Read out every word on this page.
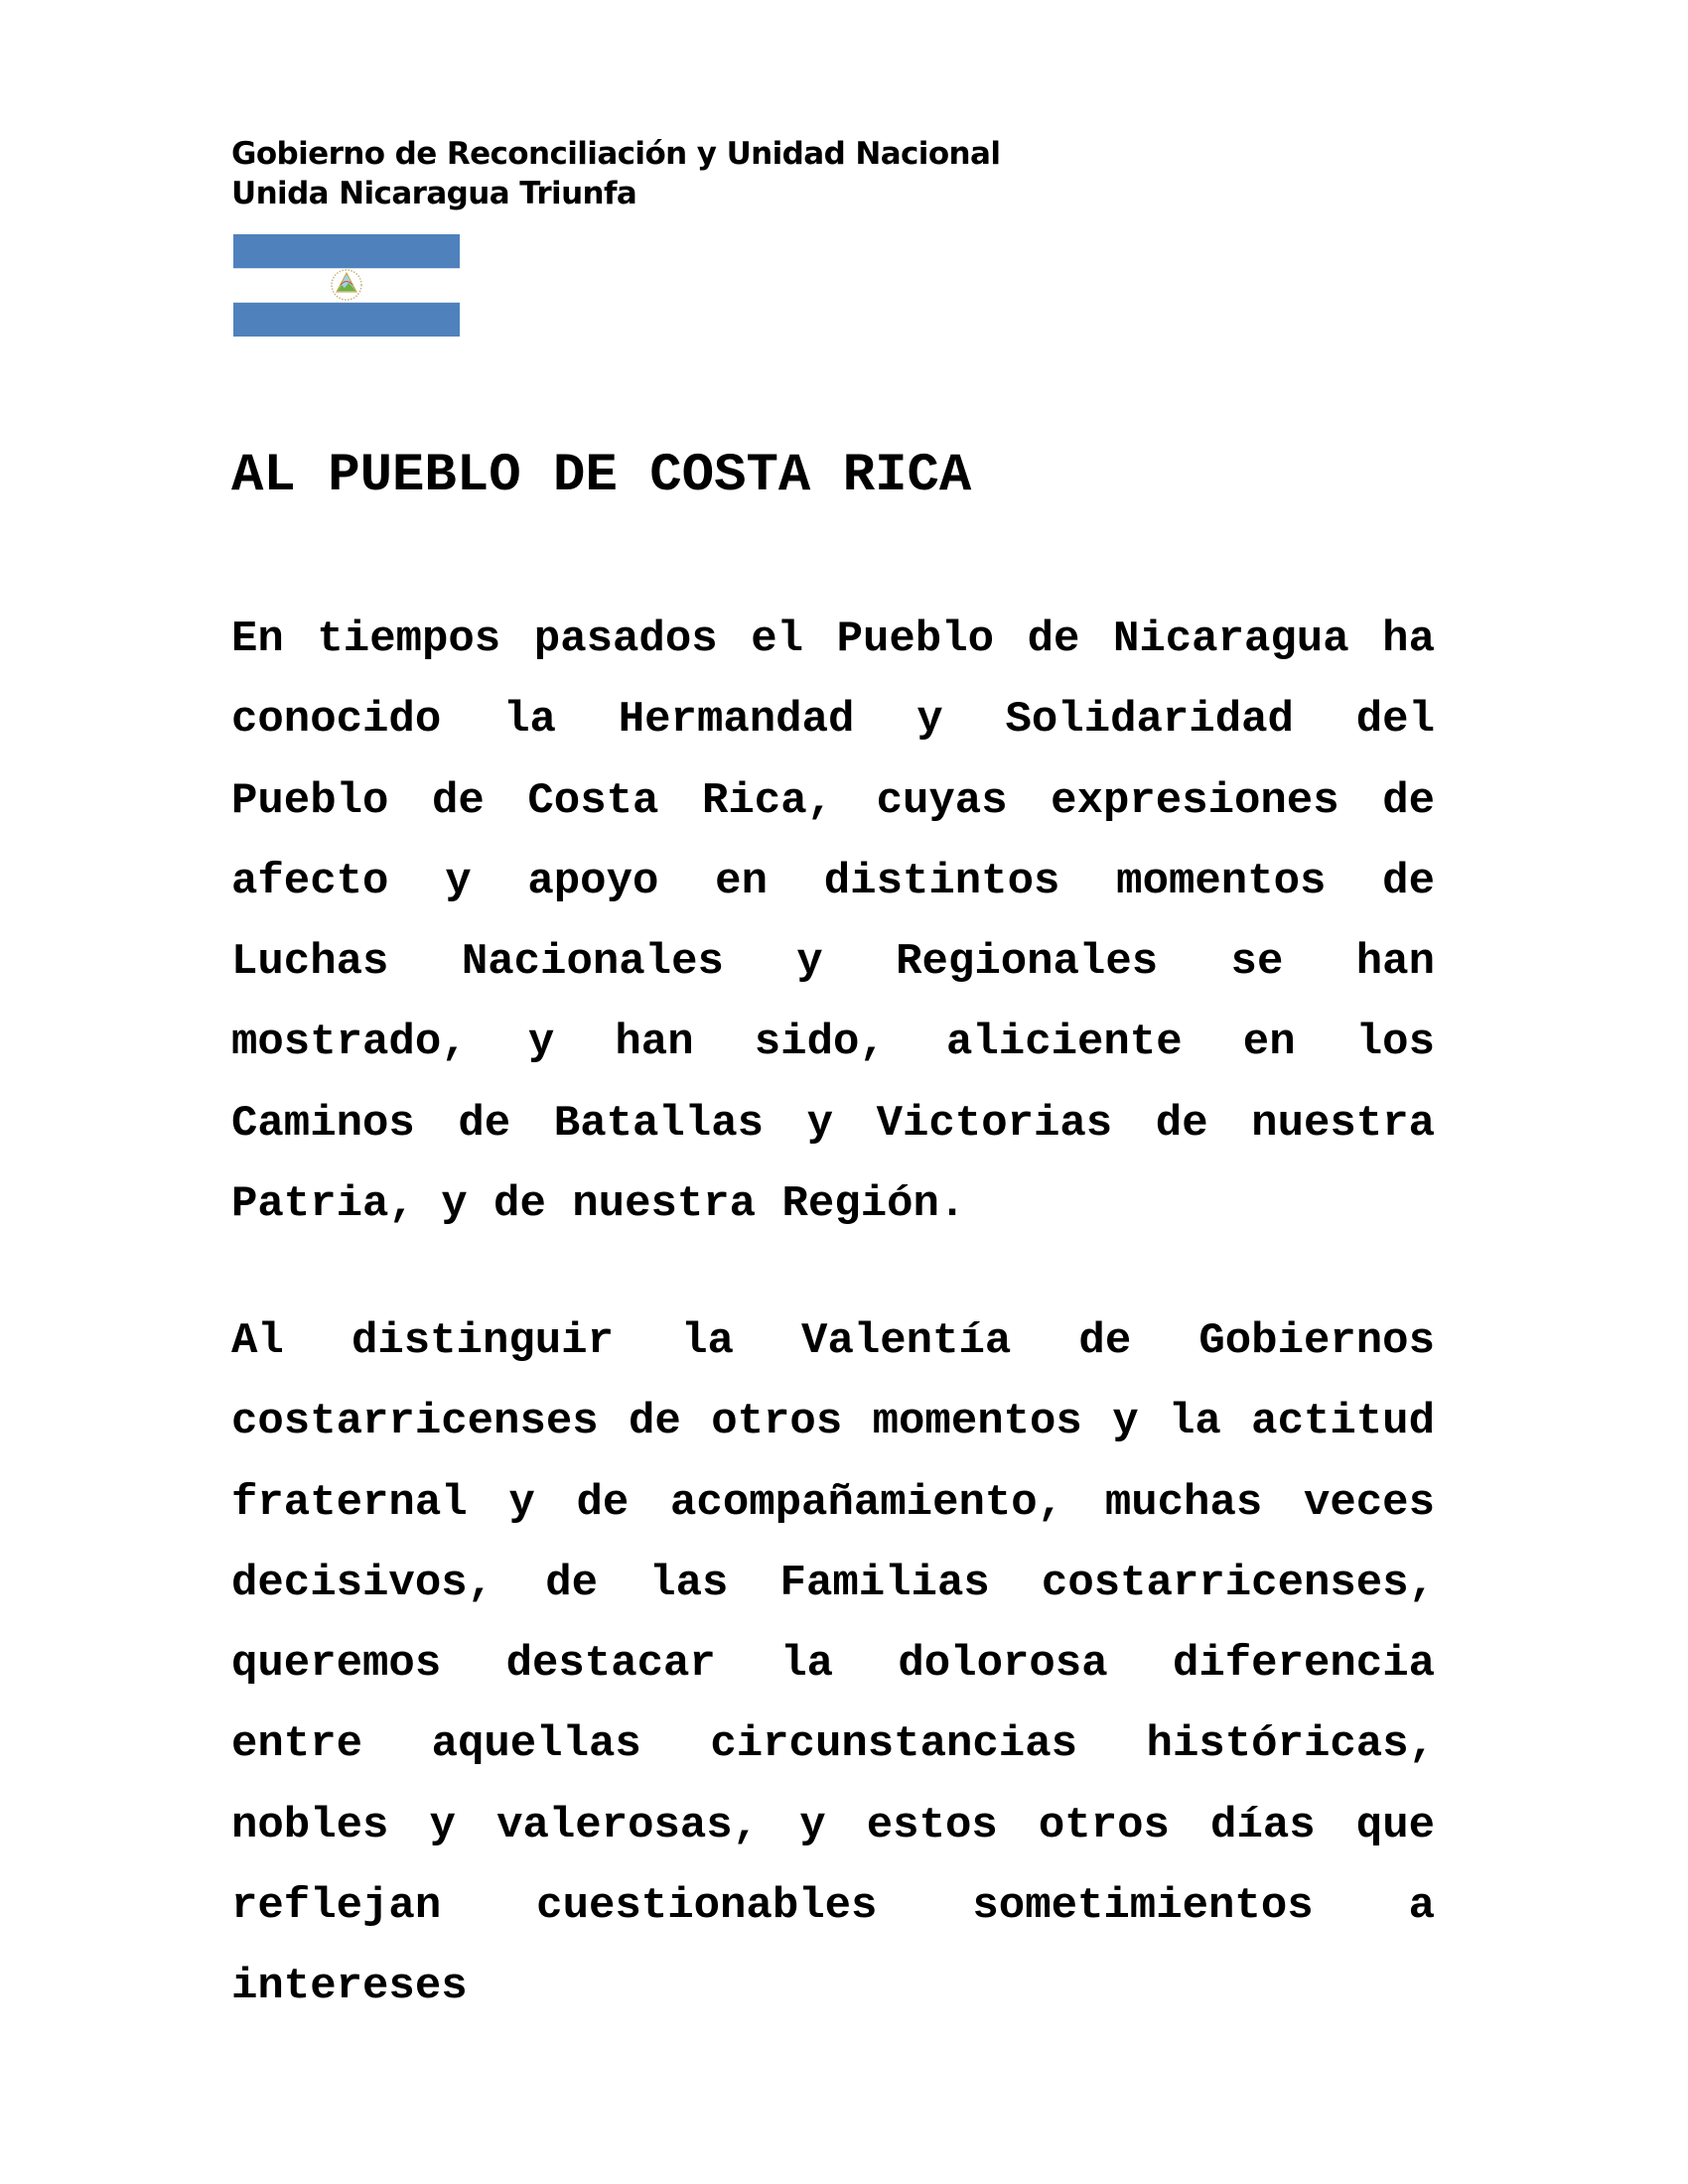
Gobierno de Reconciliación y Unidad Nacional
Unida Nicaragua Triunfa
AL PUEBLO DE COSTA RICA

En tiempos pasados el Pueblo de Nicaragua ha conocido la Hermandad y Solidaridad del Pueblo de Costa Rica, cuyas expresiones de afecto y apoyo en distintos momentos de Luchas Nacionales y Regionales se han mostrado, y han sido, aliciente en los Caminos de Batallas y Victorias de nuestra Patria, y de nuestra Región.

Al distinguir la Valentía de Gobiernos costarricenses de otros momentos y la actitud fraternal y de acompañamiento, muchas veces decisivos, de las Familias costarricenses, queremos destacar la dolorosa diferencia entre aquellas circunstancias históricas, nobles y valerosas, y estos otros días que reflejan cuestionables sometimientos a intereses
